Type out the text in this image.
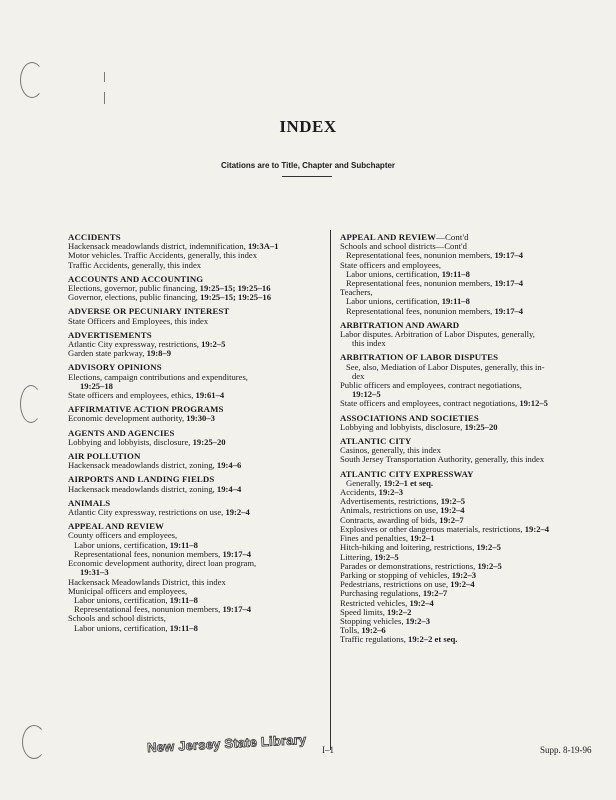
INDEX
Citations are to Title, Chapter and Subchapter
ACCIDENTS
Hackensack meadowlands district, indemnification, 19:3A–1
Motor vehicles. Traffic Accidents, generally, this index
Traffic Accidents, generally, this index
ACCOUNTS AND ACCOUNTING
Elections, governor, public financing, 19:25–15; 19:25–16
Governor, elections, public financing, 19:25–15; 19:25–16
ADVERSE OR PECUNIARY INTEREST
State Officers and Employees, this index
ADVERTISEMENTS
Atlantic City expressway, restrictions, 19:2–5
Garden state parkway, 19:8–9
ADVISORY OPINIONS
Elections, campaign contributions and expenditures,
19:25–18
State officers and employees, ethics, 19:61–4
AFFIRMATIVE ACTION PROGRAMS
Economic development authority, 19:30–3
AGENTS AND AGENCIES
Lobbying and lobbyists, disclosure, 19:25–20
AIR POLLUTION
Hackensack meadowlands district, zoning, 19:4–6
AIRPORTS AND LANDING FIELDS
Hackensack meadowlands district, zoning, 19:4–4
ANIMALS
Atlantic City expressway, restrictions on use, 19:2–4
APPEAL AND REVIEW
County officers and employees,
Labor unions, certification, 19:11–8
Representational fees, nonunion members, 19:17–4
Economic development authority, direct loan program,
19:31–3
Hackensack Meadowlands District, this index
Municipal officers and employees,
Labor unions, certification, 19:11–8
Representational fees, nonunion members, 19:17–4
Schools and school districts,
Labor unions, certification, 19:11–8
APPEAL AND REVIEW—Cont'd
Schools and school districts—Cont'd
Representational fees, nonunion members, 19:17–4
State officers and employees,
Labor unions, certification, 19:11–8
Representational fees, nonunion members, 19:17–4
Teachers,
Labor unions, certification, 19:11–8
Representational fees, nonunion members, 19:17–4
ARBITRATION AND AWARD
Labor disputes. Arbitration of Labor Disputes, generally,
this index
ARBITRATION OF LABOR DISPUTES
See, also, Mediation of Labor Disputes, generally, this in-
dex
Public officers and employees, contract negotiations,
19:12–5
State officers and employees, contract negotiations, 19:12–5
ASSOCIATIONS AND SOCIETIES
Lobbying and lobbyists, disclosure, 19:25–20
ATLANTIC CITY
Casinos, generally, this index
South Jersey Transportation Authority, generally, this index
ATLANTIC CITY EXPRESSWAY
Generally, 19:2–1 et seq.
Accidents, 19:2–3
Advertisements, restrictions, 19:2–5
Animals, restrictions on use, 19:2–4
Contracts, awarding of bids, 19:2–7
Explosives or other dangerous materials, restrictions, 19:2–4
Fines and penalties, 19:2–1
Hitch-hiking and loitering, restrictions, 19:2–5
Littering, 19:2–5
Parades or demonstrations, restrictions, 19:2–5
Parking or stopping of vehicles, 19:2–3
Pedestrians, restrictions on use, 19:2–4
Purchasing regulations, 19:2–7
Restricted vehicles, 19:2–4
Speed limits, 19:2–2
Stopping vehicles, 19:2–3
Tolls, 19:2–6
Traffic regulations, 19:2–2 et seq.
New Jersey State Library I–1	Supp. 8-19-96
